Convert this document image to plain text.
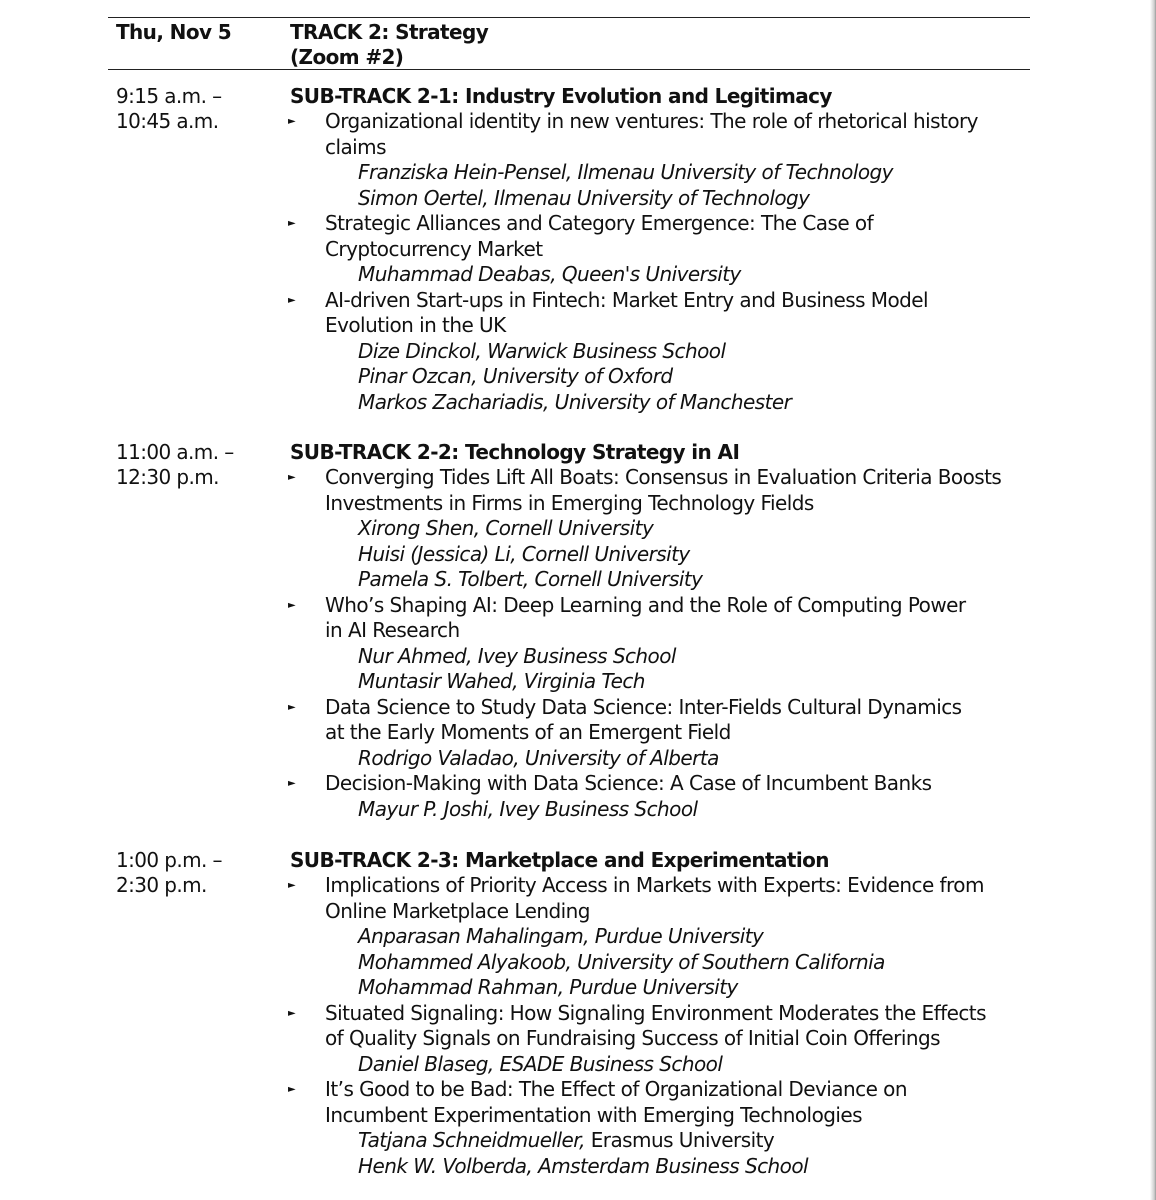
Thu, Nov 5	TRACK 2: Strategy
(Zoom #2)
9:15 a.m. –
10:45 a.m.
SUB-TRACK 2-1: Industry Evolution and Legitimacy
► Organizational identity in new ventures: The role of rhetorical history
claims
Franziska Hein-Pensel, Ilmenau University of Technology
Simon Oertel, Ilmenau University of Technology
► Strategic Alliances and Category Emergence: The Case of
Cryptocurrency Market
Muhammad Deabas, Queen's University
► AI-driven Start-ups in Fintech: Market Entry and Business Model
Evolution in the UK
Dize Dinckol, Warwick Business School
Pinar Ozcan, University of Oxford
Markos Zachariadis, University of Manchester
11:00 a.m. –
12:30 p.m.
SUB-TRACK 2-2: Technology Strategy in AI
► Converging Tides Lift All Boats: Consensus in Evaluation Criteria Boosts
Investments in Firms in Emerging Technology Fields
Xirong Shen, Cornell University
Huisi (Jessica) Li, Cornell University
Pamela S. Tolbert, Cornell University
► Who’s Shaping AI: Deep Learning and the Role of Computing Power
in AI Research
Nur Ahmed, Ivey Business School
Muntasir Wahed, Virginia Tech
► Data Science to Study Data Science: Inter-Fields Cultural Dynamics
at the Early Moments of an Emergent Field
Rodrigo Valadao, University of Alberta
► Decision-Making with Data Science: A Case of Incumbent Banks
Mayur P. Joshi, Ivey Business School
1:00 p.m. –
2:30 p.m.
SUB-TRACK 2-3: Marketplace and Experimentation
► Implications of Priority Access in Markets with Experts: Evidence from
Online Marketplace Lending
Anparasan Mahalingam, Purdue University
Mohammed Alyakoob, University of Southern California
Mohammad Rahman, Purdue University
► Situated Signaling: How Signaling Environment Moderates the Effects
of Quality Signals on Fundraising Success of Initial Coin Offerings
Daniel Blaseg, ESADE Business School
► It’s Good to be Bad: The Effect of Organizational Deviance on
Incumbent Experimentation with Emerging Technologies
Tatjana Schneidmueller, Erasmus University
Henk W. Volberda, Amsterdam Business School
